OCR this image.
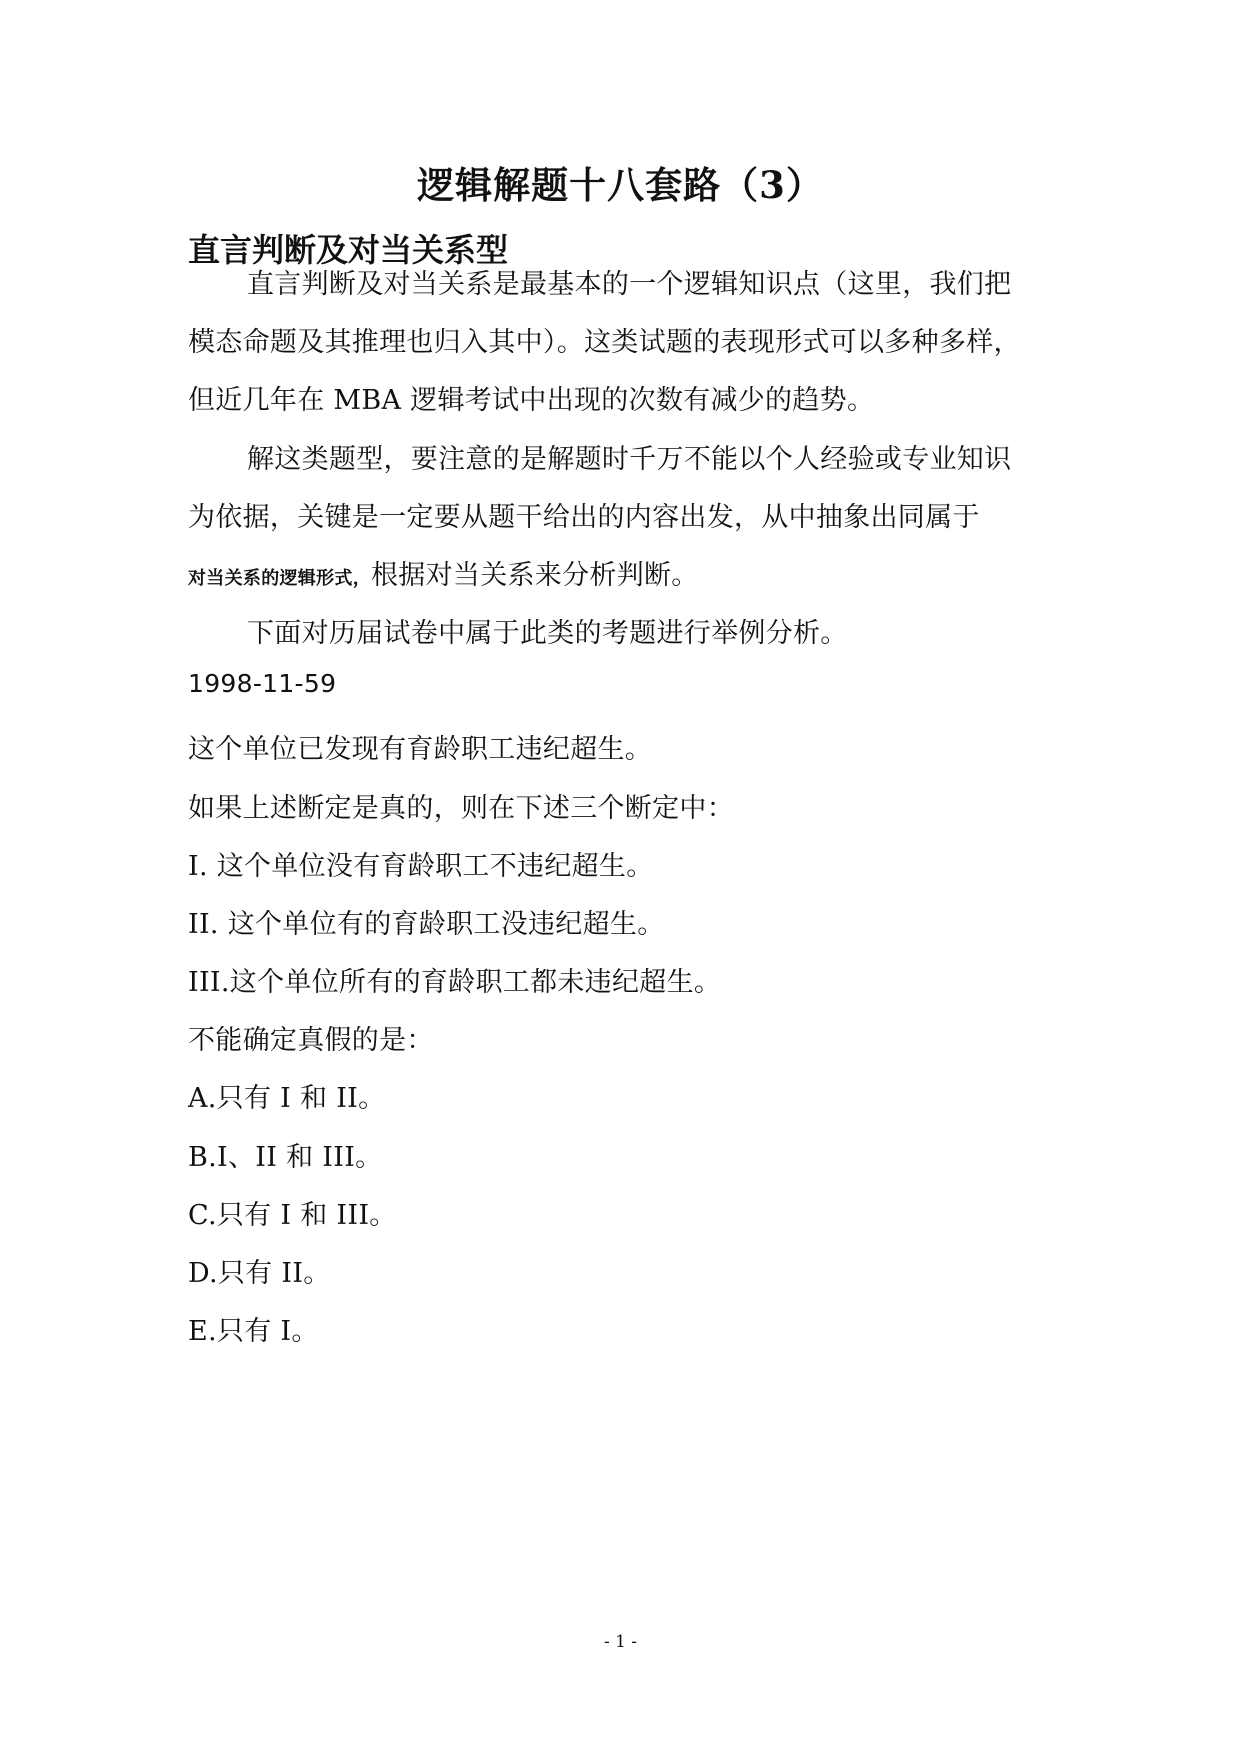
逻辑解题十八套路（3）
直言判断及对当关系型
直言判断及对当关系是最基本的一个逻辑知识点（这里，我们把
模态命题及其推理也归入其中）。这类试题的表现形式可以多种多样，
但近几年在 MBA 逻辑考试中出现的次数有减少的趋势。
解这类题型，要注意的是解题时千万不能以个人经验或专业知识
为依据，关键是一定要从题干给出的内容出发，从中抽象出同属于
对当关系的逻辑形式，根据对当关系来分析判断。
下面对历届试卷中属于此类的考题进行举例分析。
1998-11-59
这个单位已发现有育龄职工违纪超生。
如果上述断定是真的，则在下述三个断定中：
I. 这个单位没有育龄职工不违纪超生。
II. 这个单位有的育龄职工没违纪超生。
III.这个单位所有的育龄职工都未违纪超生。
不能确定真假的是：
A.只有 I 和 II。
B.I、II 和 III。
C.只有 I 和 III。
D.只有 II。
E.只有 I。
- 1 -
